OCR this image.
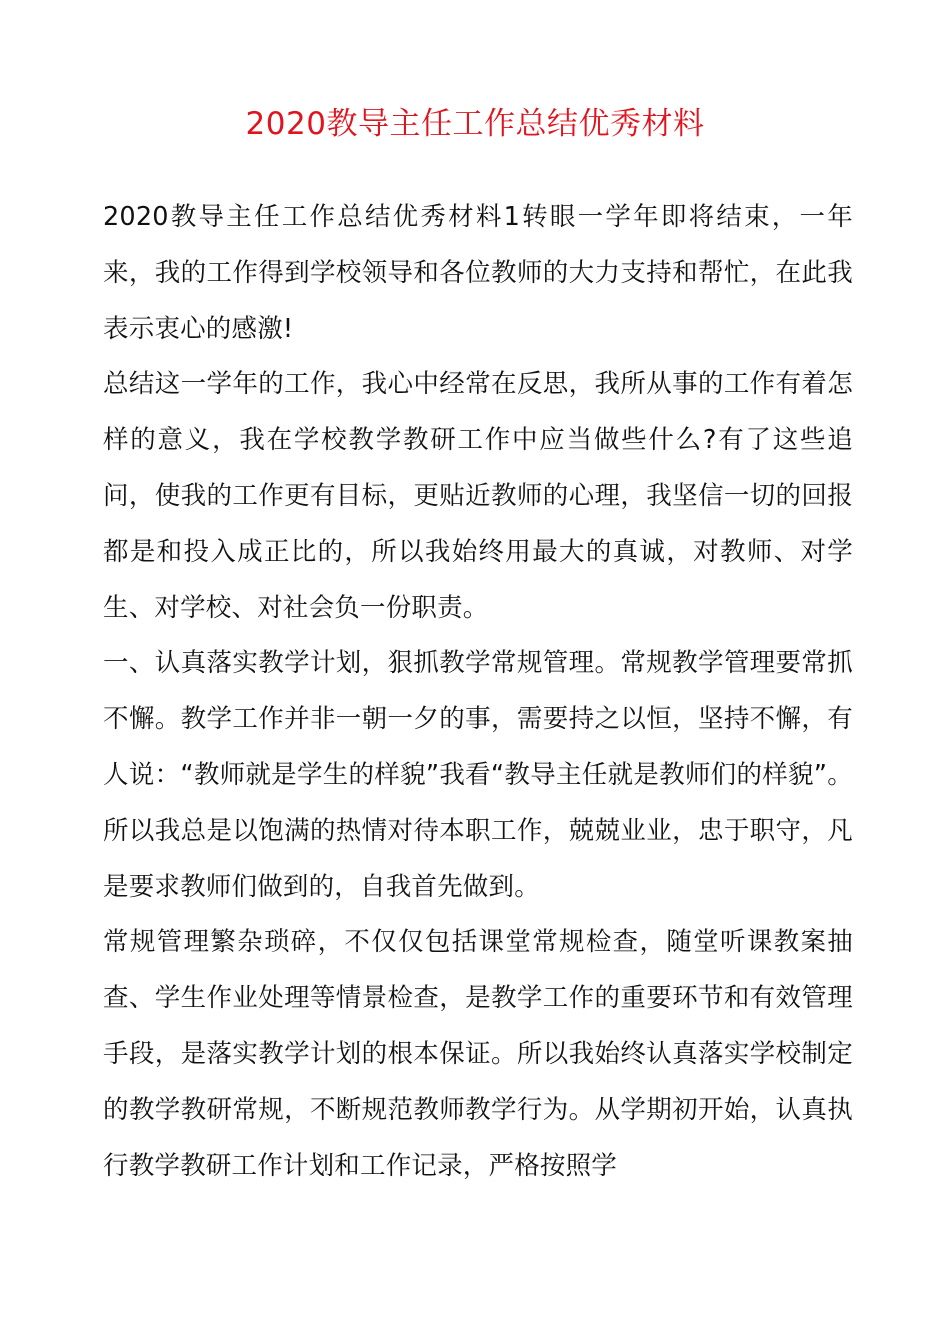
2020教导主任工作总结优秀材料

2020教导主任工作总结优秀材料1转眼一学年即将结束，一年来，我的工作得到学校领导和各位教师的大力支持和帮忙，在此我表示衷心的感激!

总结这一学年的工作，我心中经常在反思，我所从事的工作有着怎样的意义，我在学校教学教研工作中应当做些什么?有了这些追问，使我的工作更有目标，更贴近教师的心理，我坚信一切的回报都是和投入成正比的，所以我始终用最大的真诚，对教师、对学生、对学校、对社会负一份职责。

一、认真落实教学计划，狠抓教学常规管理。常规教学管理要常抓不懈。教学工作并非一朝一夕的事，需要持之以恒，坚持不懈，有人说：“教师就是学生的样貌”我看“教导主任就是教师们的样貌”。所以我总是以饱满的热情对待本职工作，兢兢业业，忠于职守，凡是要求教师们做到的，自我首先做到。

常规管理繁杂琐碎，不仅仅包括课堂常规检查，随堂听课教案抽查、学生作业处理等情景检查，是教学工作的重要环节和有效管理手段，是落实教学计划的根本保证。所以我始终认真落实学校制定的教学教研常规，不断规范教师教学行为。从学期初开始，认真执行教学教研工作计划和工作记录，严格按照学
